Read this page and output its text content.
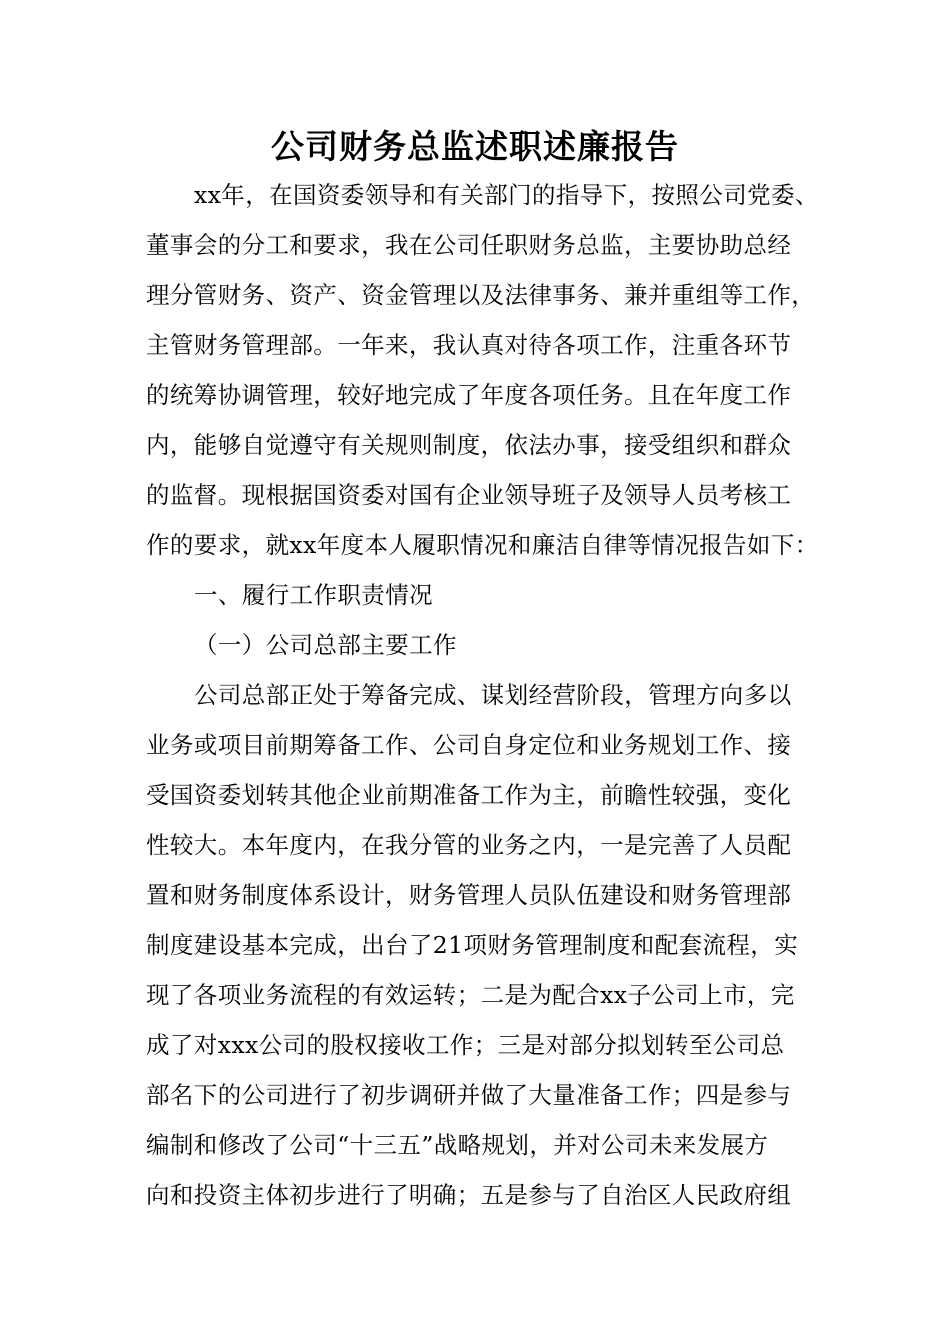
公司财务总监述职述廉报告
xx年，在国资委领导和有关部门的指导下，按照公司党委、
董事会的分工和要求，我在公司任职财务总监，主要协助总经
理分管财务、资产、资金管理以及法律事务、兼并重组等工作，
主管财务管理部。一年来，我认真对待各项工作，注重各环节
的统筹协调管理，较好地完成了年度各项任务。且在年度工作
内，能够自觉遵守有关规则制度，依法办事，接受组织和群众
的监督。现根据国资委对国有企业领导班子及领导人员考核工
作的要求，就xx年度本人履职情况和廉洁自律等情况报告如下：
一、履行工作职责情况
（一）公司总部主要工作
公司总部正处于筹备完成、谋划经营阶段，管理方向多以
业务或项目前期筹备工作、公司自身定位和业务规划工作、接
受国资委划转其他企业前期准备工作为主，前瞻性较强，变化
性较大。本年度内，在我分管的业务之内，一是完善了人员配
置和财务制度体系设计，财务管理人员队伍建设和财务管理部
制度建设基本完成，出台了21项财务管理制度和配套流程，实
现了各项业务流程的有效运转；二是为配合xx子公司上市，完
成了对xxx公司的股权接收工作；三是对部分拟划转至公司总
部名下的公司进行了初步调研并做了大量准备工作；四是参与
编制和修改了公司“十三五”战略规划，并对公司未来发展方
向和投资主体初步进行了明确；五是参与了自治区人民政府组
